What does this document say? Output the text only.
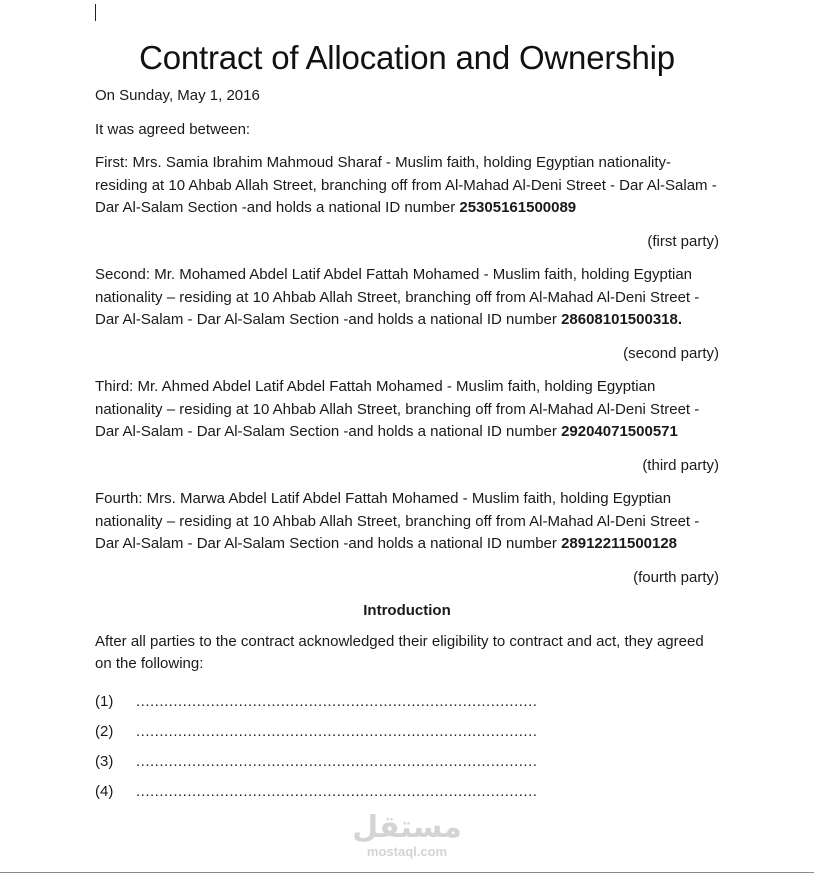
Contract of Allocation and Ownership

On Sunday, May 1, 2016

It was agreed between:

First: Mrs. Samia Ibrahim Mahmoud Sharaf - Muslim faith, holding Egyptian nationality- residing at 10 Ahbab Allah Street, branching off from Al-Mahad Al-Deni Street - Dar Al-Salam - Dar Al-Salam Section -and holds a national ID number 25305161500089

(first party)

Second: Mr. Mohamed Abdel Latif Abdel Fattah Mohamed - Muslim faith, holding Egyptian nationality – residing at 10 Ahbab Allah Street, branching off from Al-Mahad Al-Deni Street - Dar Al-Salam - Dar Al-Salam Section -and holds a national ID number 28608101500318.

(second party)

Third: Mr. Ahmed Abdel Latif Abdel Fattah Mohamed - Muslim faith, holding Egyptian nationality – residing at 10 Ahbab Allah Street, branching off from Al-Mahad Al-Deni Street - Dar Al-Salam - Dar Al-Salam Section -and holds a national ID number 29204071500571

(third party)

Fourth: Mrs. Marwa Abdel Latif Abdel Fattah Mohamed - Muslim faith, holding Egyptian nationality – residing at 10 Ahbab Allah Street, branching off from Al-Mahad Al-Deni Street - Dar Al-Salam - Dar Al-Salam Section -and holds a national ID number 28912211500128

(fourth party)

Introduction

After all parties to the contract acknowledged their eligibility to contract and act, they agreed on the following:

(1)	......................................................................................
(2)	......................................................................................
(3)	......................................................................................
(4)	......................................................................................
مستقل
mostaql.com
